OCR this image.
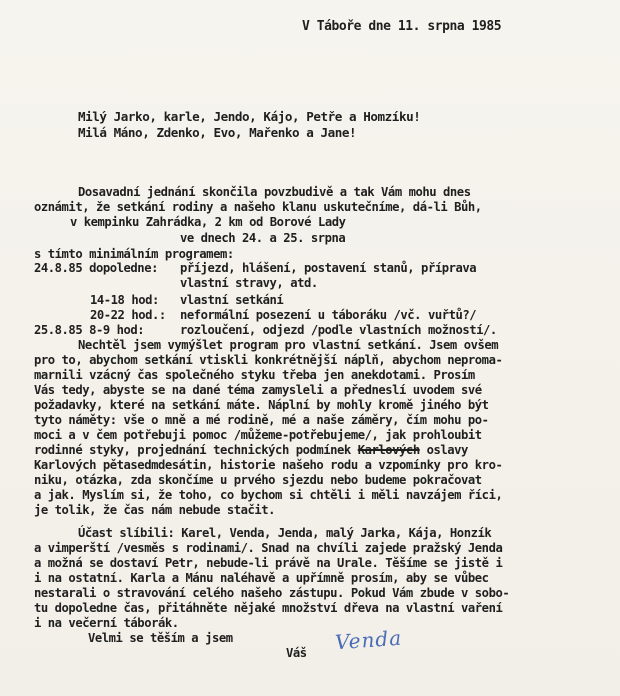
V Táboře dne 11. srpna 1985
Milý Jarko, karle, Jendo, Kájo, Petře a Homzíku!
Milá Máno, Zdenko, Evo, Mařenko a Jane!
Dosavadní jednání skončila povzbudivě a tak Vám mohu dnes
oznámit, že setkání rodiny a našeho klanu uskutečníme, dá-li Bůh,
v kempinku Zahrádka, 2 km od Borové Lady
ve dnech 24. a 25. srpna
s tímto minimálním programem:
24.8.85 dopoledne: příjezd, hlášení, postavení stanů, příprava
vlastní stravy, atd.
14-18 hod: vlastní setkání
20-22 hod.: neformální posezení u táboráku /vč. vuřtů?/
25.8.85 8-9 hod:	rozloučení, odjezd /podle vlastních možností/.
Nechtěl jsem vymýšlet program pro vlastní setkání. Jsem ovšem
pro to, abychom setkání vtiskli konkrétnější náplň, abychom neproma-
marnili vzácný čas společného styku třeba jen anekdotami. Prosím
Vás tedy, abyste se na dané téma zamysleli a předneslí uvodem své
požadavky, které na setkání máte. Náplní by mohly kromě jiného být
tyto náměty: vše o mně a mé rodině, mé a naše záměry, čím mohu po-
moci a v čem potřebuji pomoc /můžeme-potřebujeme/, jak prohloubit
rodinné styky, projednání technických podmínek Karlových oslavy
Karlových pětasedmdesátin, historie našeho rodu a vzpomínky pro kro-
niku, otázka, zda skončíme u prvého sjezdu nebo budeme pokračovat
a jak. Myslím si, že toho, co bychom si chtěli i měli navzájem říci,
je tolik, že čas nám nebude stačit.
Účast slíbili: Karel, Venda, Jenda, malý Jarka, Kája, Honzík
a vimperští /vesměs s rodinami/. Snad na chvíli zajede pražský Jenda
a možná se dostaví Petr, nebude-li právě na Urale. Těšíme se jistě i
i na ostatní. Karla a Mánu naléhavě a upřímně prosím, aby se vůbec
nestarali o stravování celého našeho zástupu. Pokud Vám zbude v sobo-
tu dopoledne čas, přitáhněte nějaké množství dřeva na vlastní vaření
i na večerní táborák.
Velmi se těším a jsem
Váš Venda
